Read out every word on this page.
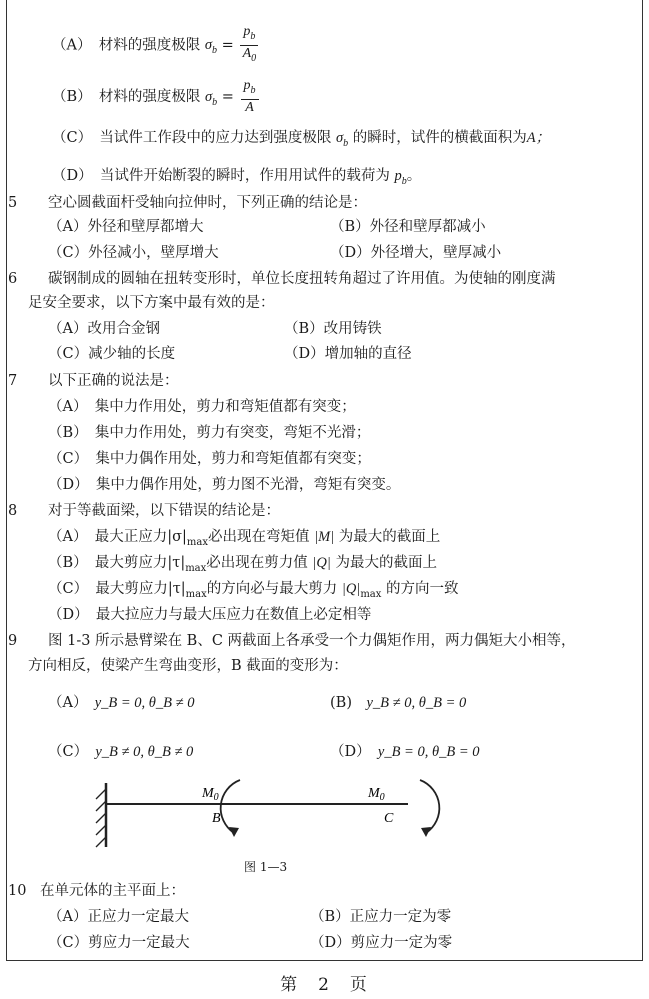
（A）　 材料的强度极限 $\sigma_b = \frac{p_b}{A_0}$
（B）　 材料的强度极限 $\sigma_b = \frac{p_b}{A}$
（C）　 当试件工作段中的应力达到强度极限 $\sigma_b$ 的瞬时，试件的横截面积为A；
（D）　 当试件开始断裂的瞬时，作用用试件的载荷为 $p_b$。
5 空心圆截面杆受轴向拉伸时，下列正确的结论是：
（A）外径和壁厚都增大	（B）外径和壁厚都减小
（C）外径减小，壁厚增大	（D）外径增大，壁厚减小
6 碳钢制成的圆轴在扭转变形时，单位长度扭转角超过了许用值。为使轴的刚度满
足安全要求，以下方案中最有效的是：
（A）改用合金钢	（B）改用铸铁
（C）减少轴的长度	（D）增加轴的直径
7 以下正确的说法是：
（A）　 集中力作用处，剪力和弯矩值都有突变；
（B）　 集中力作用处，剪力有突变，弯矩不光滑；
（C）　 集中力偶作用处，剪力和弯矩值都有突变；
（D）　 集中力偶作用处，剪力图不光滑，弯矩有突变。
8 对于等截面梁，以下错误的结论是：
（A）　 最大正应力$|\sigma|_{max}$必出现在弯矩值 |M| 为最大的截面上
（B）　 最大剪应力$|\tau|_{max}$必出现在剪力值 |Q| 为最大的截面上
（C）　 最大剪应力$|\tau|_{max}$的方向必与最大剪力 $|Q|_{max}$ 的方向一致
（D）　 最大拉应力与最大压应力在数值上必定相等
9 图 1-3 所示悬臂梁在 B、C 两截面上各承受一个力偶矩作用，两力偶矩大小相等，
方向相反，使梁产生弯曲变形，B 截面的变形为：
（A）　 y_B = 0, θ_B ≠ 0	(B)　 y_B ≠ 0, θ_B = 0
（C）　 y_B ≠ 0, θ_B ≠ 0	（D）　 y_B = 0, θ_B = 0
$M_0$
B
$M_0$
C
图 1—3
10 在单元体的主平面上：
（A）正应力一定最大	（B）正应力一定为零
（C）剪应力一定最大	（D）剪应力一定为零
第　2　页
